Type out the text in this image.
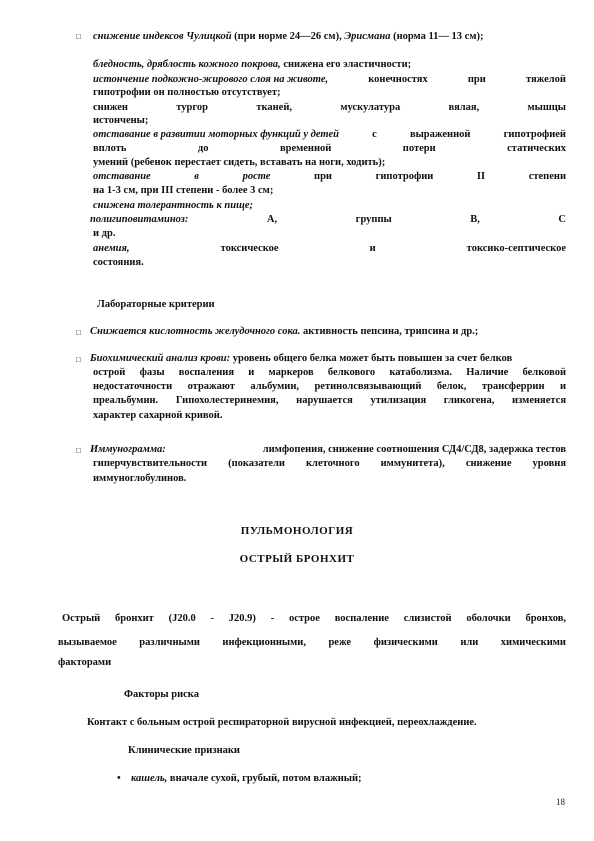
□ снижение индексов Чулицкой (при норме 24—26 см), Эрисмана (норма 11— 13 см);
бледность, дряблость кожного покрова, снижена его эластичности;
истончение подкожно-жирового слоя на животе,	конечностях	при	тяжелой
гипотрофии он полностью отсутствует;
снижен	тургор	тканей,	мускулатура	вялая,	мышцы
истончены;
отставание в развитии моторных функций у детей	с	выраженной	гипотрофией
вплоть	до	временной	потери	статических
умений (ребенок перестает сидеть, вставать на ноги, ходить);
отставание	в	росте	при	гипотрофии	II	степени
на 1-3 см, при III степени - более 3 см;
снижена толерантность к пище;
полигиповитаминоз:	А,	группы	В,	С
и др.
анемия,	токсическое	и	токсико-септическое
состояния.
Лабораторные критерии
□ Снижается кислотность желудочного сока. активность пепсина, трипсина и др.;
□ Биохимический анализ крови: уровень общего белка может быть повышен за счет белков
острой фазы воспаления и маркеров белкового катаболизма. Наличие белковой
недостаточности отражают альбумин, ретинолсвязывающий белок, трансферрин и
преальбумин. Гипохолестеринемия, нарушается утилизация гликогена, изменяется
характер сахарной кривой.
□ Иммунограмма:	лимфопения, снижение соотношения СД4/СД8, задержка тестов
гиперчувствительности (показатели клеточного иммунитета), снижение уровня
иммуноглобулинов.
ПУЛЬМОНОЛОГИЯ
ОСТРЫЙ БРОНХИТ
Острый бронхит (J20.0 - J20.9) - острое воспаление слизистой оболочки бронхов,
вызываемое различными инфекционными, реже физическими или химическими
факторами
Факторы риска
Контакт с больным острой респираторной вирусной инфекцией, переохлаждение.
Клинические признаки
• кашель, вначале сухой, грубый, потом влажный;
18
